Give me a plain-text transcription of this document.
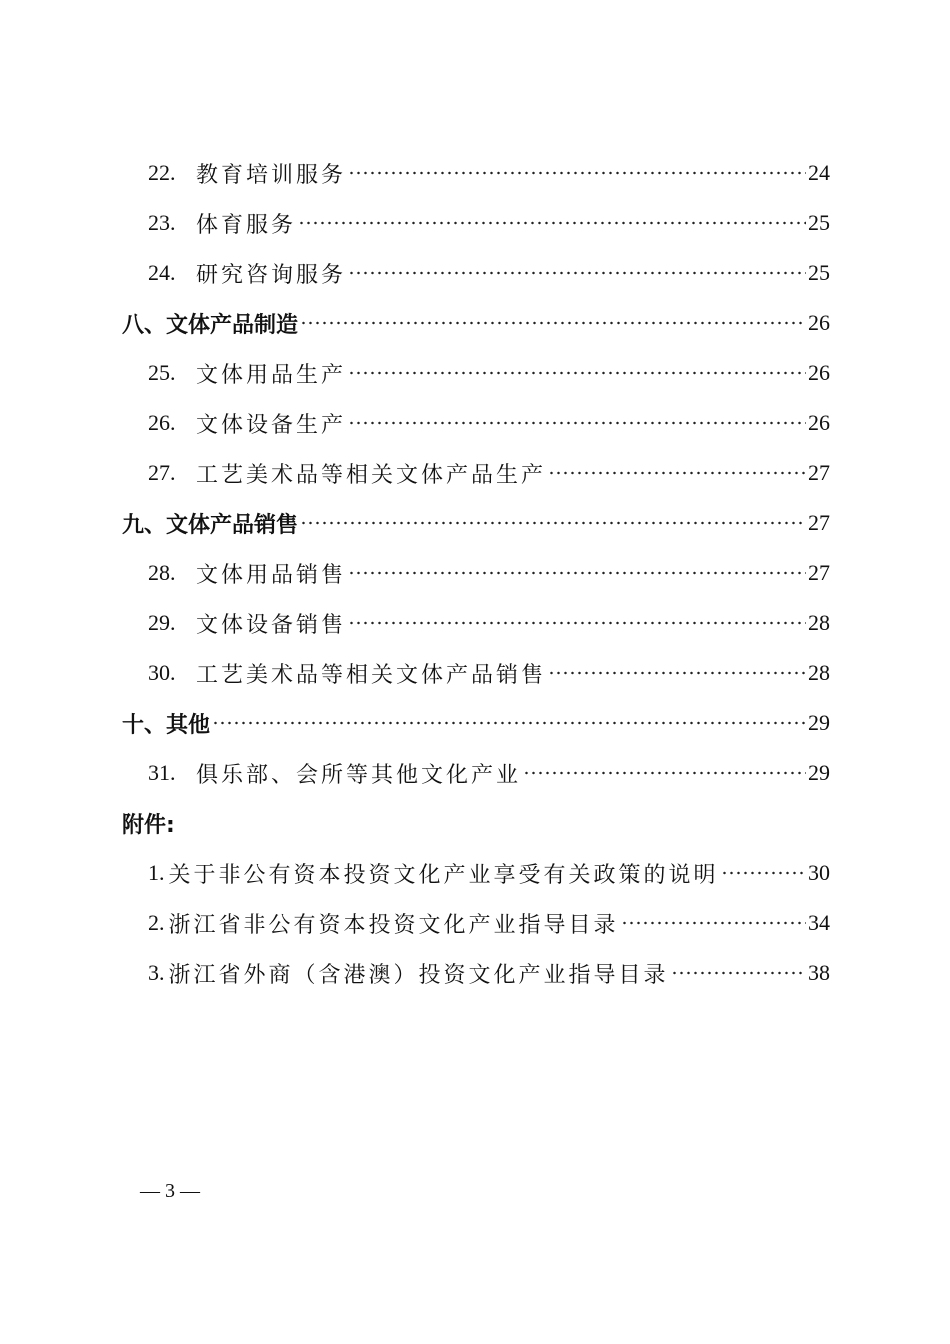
22. 教育培训服务	24
23. 体育服务	25
24. 研究咨询服务	25
八、文体产品制造	26
25. 文体用品生产	26
26. 文体设备生产	26
27. 工艺美术品等相关文体产品生产	27
九、文体产品销售	27
28. 文体用品销售	27
29. 文体设备销售	28
30. 工艺美术品等相关文体产品销售	28
十、其他	29
31. 俱乐部、会所等其他文化产业	29
附件:
1. 关于非公有资本投资文化产业享受有关政策的说明	30
2. 浙江省非公有资本投资文化产业指导目录	34
3. 浙江省外商（含港澳）投资文化产业指导目录	38
— 3 —
